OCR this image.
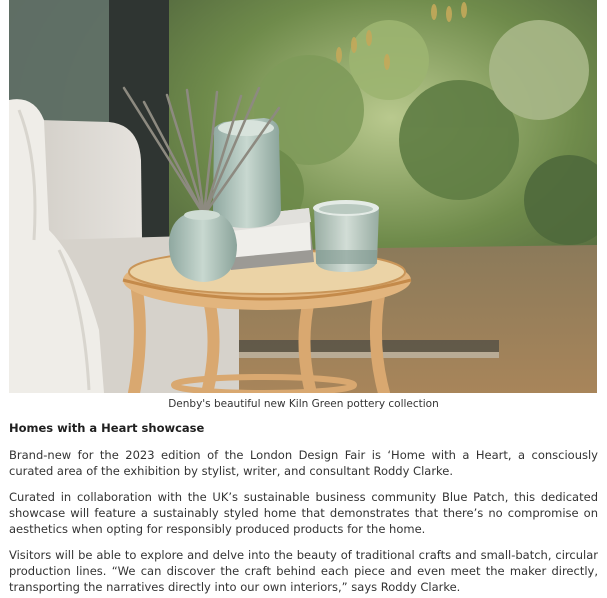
Denby's beautiful new Kiln Green pottery collection
Homes with a Heart showcase

Brand-new for the 2023 edition of the London Design Fair is ‘Home with a Heart, a consciously curated area of the exhibition by stylist, writer, and consultant Roddy Clarke.

Curated in collaboration with the UK’s sustainable business community Blue Patch, this dedicated showcase will feature a sustainably styled home that demonstrates that there’s no compromise on aesthetics when opting for responsibly produced products for the home.

Visitors will be able to explore and delve into the beauty of traditional crafts and small-batch, circular production lines. “We can discover the craft behind each piece and even meet the maker directly, transporting the narratives directly into our own interiors,” says Roddy Clarke.
